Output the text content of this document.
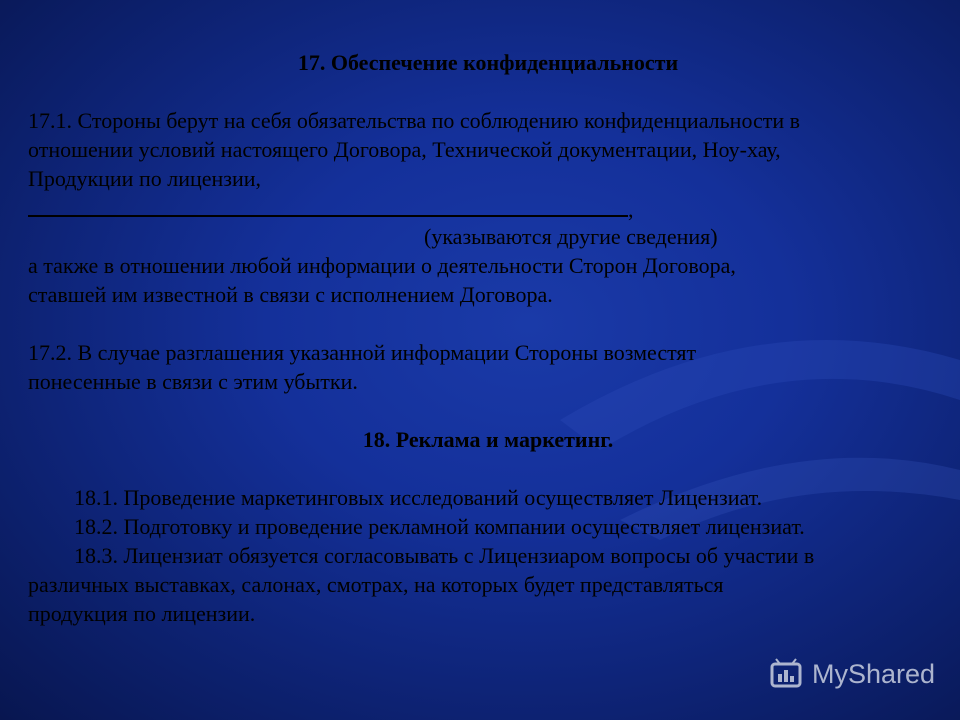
17. Обеспечение конфиденциальности
17.1. Стороны берут на себя обязательства по соблюдению конфиденциальности в
отношении условий настоящего Договора, Технической документации, Ноу-хау,
Продукции по лицензии,
,
(указываются другие сведения)
а также в отношении любой информации о деятельности Сторон Договора,
ставшей им известной в связи с исполнением Договора.
17.2. В случае разглашения указанной информации Стороны возместят
понесенные в связи с этим убытки.
18. Реклама и маркетинг.
18.1. Проведение маркетинговых исследований осуществляет Лицензиат.
18.2. Подготовку и проведение рекламной компании осуществляет лицензиат.
18.3. Лицензиат обязуется согласовывать с Лицензиаром вопросы об участии в
различных выставках, салонах, смотрах, на которых будет представляться
продукция по лицензии.
MyShared
